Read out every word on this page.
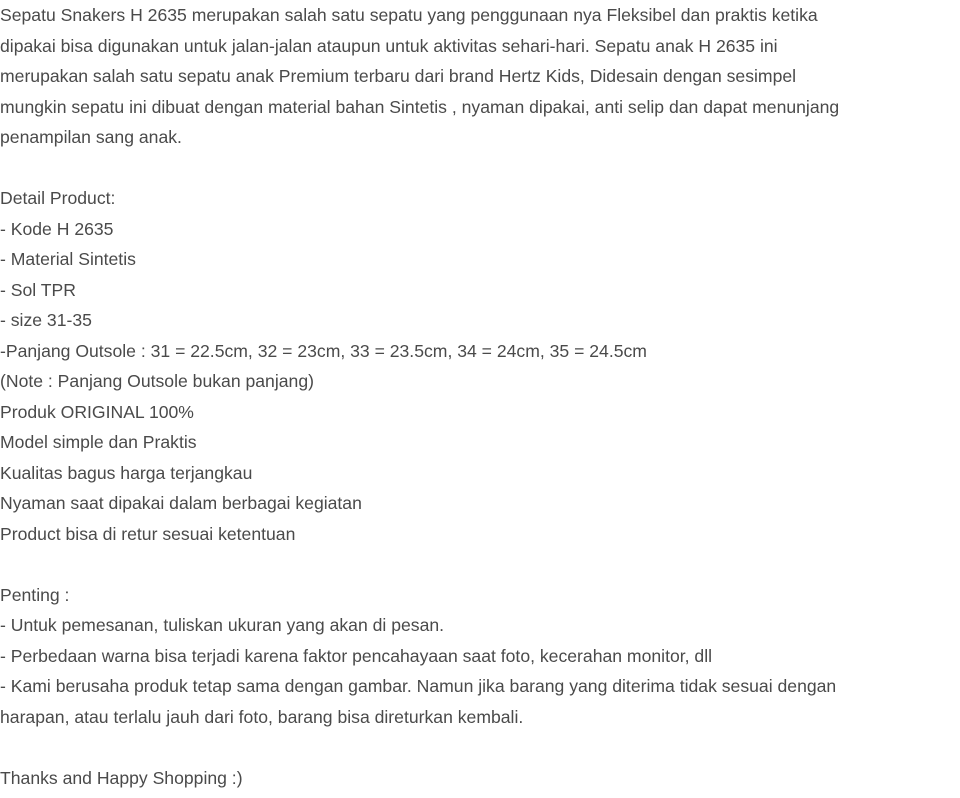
Sepatu Snakers H 2635 merupakan salah satu sepatu yang penggunaan nya Fleksibel dan praktis ketika
dipakai bisa digunakan untuk jalan-jalan ataupun untuk aktivitas sehari-hari. Sepatu anak H 2635 ini
merupakan salah satu sepatu anak Premium terbaru dari brand Hertz Kids, Didesain dengan sesimpel
mungkin sepatu ini dibuat dengan material bahan Sintetis , nyaman dipakai, anti selip dan dapat menunjang
penampilan sang anak.
Detail Product:
- Kode H 2635
- Material Sintetis
- Sol TPR
- size 31-35
-Panjang Outsole : 31 = 22.5cm, 32 = 23cm, 33 = 23.5cm, 34 = 24cm, 35 = 24.5cm
(Note : Panjang Outsole bukan panjang)
Produk ORIGINAL 100%
Model simple dan Praktis
Kualitas bagus harga terjangkau
Nyaman saat dipakai dalam berbagai kegiatan
Product bisa di retur sesuai ketentuan
Penting :
- Untuk pemesanan, tuliskan ukuran yang akan di pesan.
- Perbedaan warna bisa terjadi karena faktor pencahayaan saat foto, kecerahan monitor, dll
- Kami berusaha produk tetap sama dengan gambar. Namun jika barang yang diterima tidak sesuai dengan
harapan, atau terlalu jauh dari foto, barang bisa direturkan kembali.
Thanks and Happy Shopping :)
